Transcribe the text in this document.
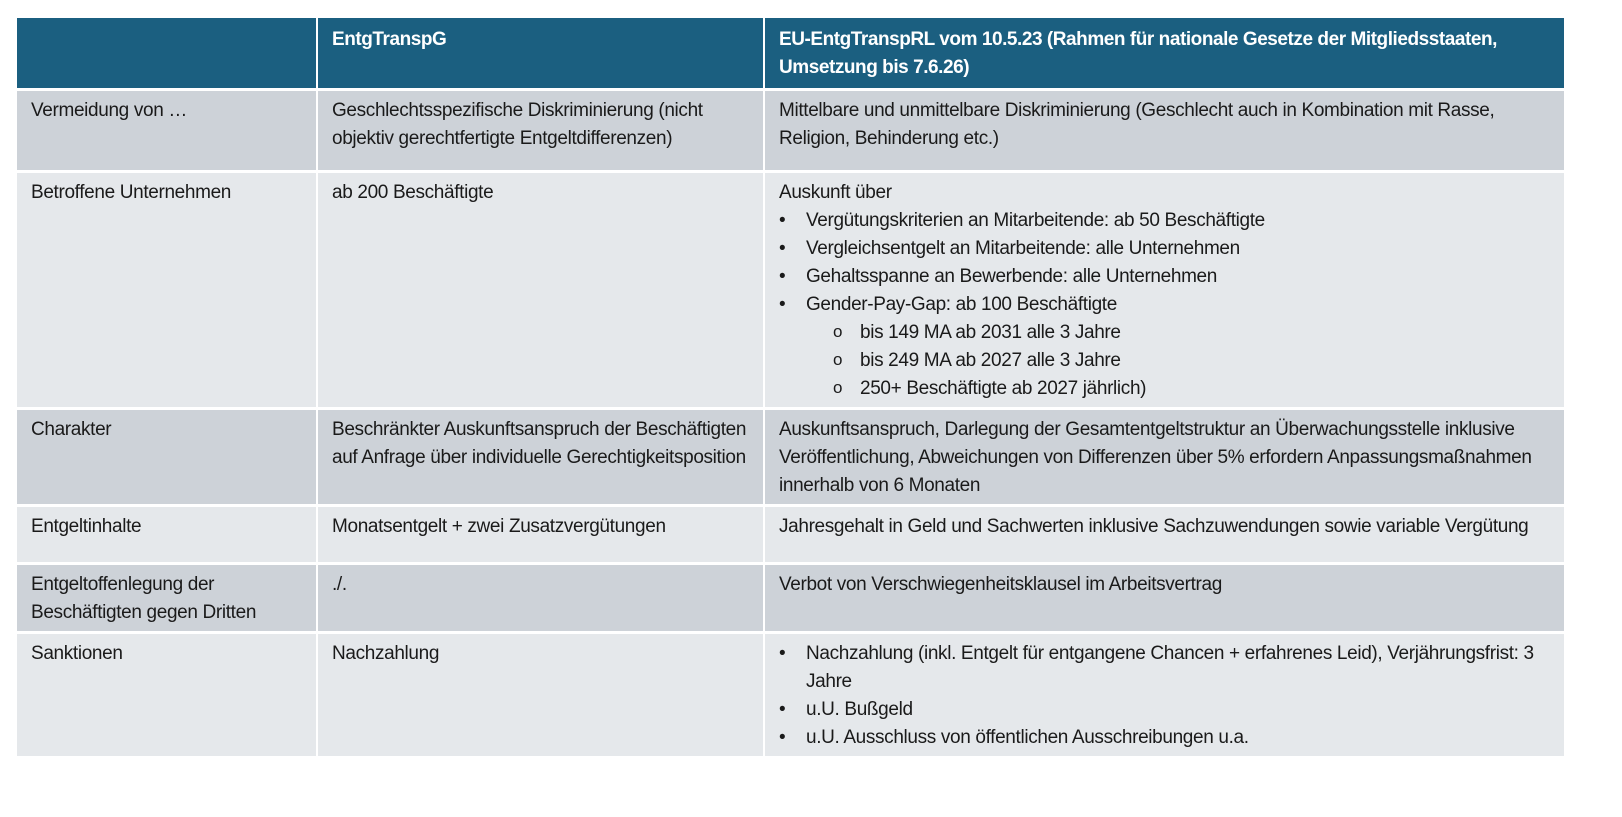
	EntgTranspG	EU-EntgTranspRL vom 10.5.23 (Rahmen für nationale Gesetze der Mitgliedsstaaten, Umsetzung bis 7.6.26)
Vermeidung von …	Geschlechtsspezifische Diskriminierung (nicht objektiv gerechtfertigte Entgeltdifferenzen)	Mittelbare und unmittelbare Diskriminierung (Geschlecht auch in Kombination mit Rasse, Religion, Behinderung etc.)
Betroffene Unternehmen	ab 200 Beschäftigte	Auskunft über
• Vergütungskriterien an Mitarbeitende: ab 50 Beschäftigte
• Vergleichsentgelt an Mitarbeitende: alle Unternehmen
• Gehaltsspanne an Bewerbende: alle Unternehmen
• Gender-Pay-Gap: ab 100 Beschäftigte
o bis 149 MA ab 2031 alle 3 Jahre
o bis 249 MA ab 2027 alle 3 Jahre
o 250+ Beschäftigte ab 2027 jährlich)

Charakter	Beschränkter Auskunftsanspruch der Beschäftigten auf Anfrage über individuelle Gerechtigkeitsposition	Auskunftsanspruch, Darlegung der Gesamtentgeltstruktur an Überwachungsstelle inklusive Veröffentlichung, Abweichungen von Differenzen über 5% erfordern Anpassungsmaßnahmen innerhalb von 6 Monaten
Entgeltinhalte	Monatsentgelt + zwei Zusatzvergütungen	Jahresgehalt in Geld und Sachwerten inklusive Sachzuwendungen sowie variable Vergütung
Entgeltoffenlegung der Beschäftigten gegen Dritten	./.	Verbot von Verschwiegenheitsklausel im Arbeitsvertrag
Sanktionen	Nachzahlung	
•Nachzahlung (inkl. Entgelt für entgangene Chancen + erfahrenes Leid), Verjährungsfrist: 3 Jahre
• u.U. Bußgeld
• u.U. Ausschluss von öffentlichen Ausschreibungen u.a.
